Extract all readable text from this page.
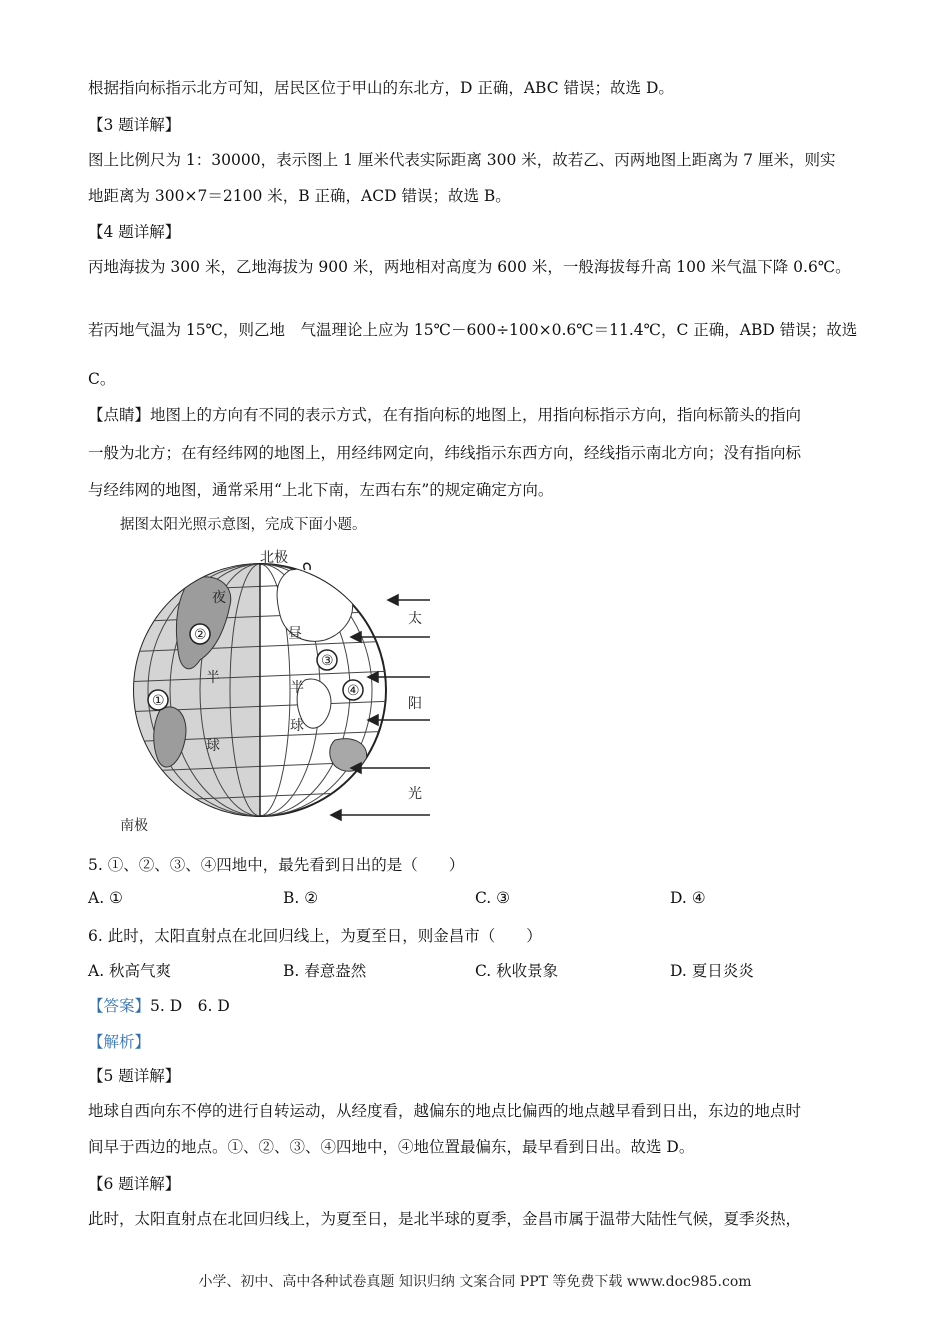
根据指向标指示北方可知，居民区位于甲山的东北方，D 正确，ABC 错误；故选 D。
【3 题详解】
图上比例尺为 1：30000，表示图上 1 厘米代表实际距离 300 米，故若乙、丙两地图上距离为 7 厘米，则实
地距离为 300×7＝2100 米，B 正确，ACD 错误；故选 B。
【4 题详解】
丙地海拔为 300 米，乙地海拔为 900 米，两地相对高度为 600 米，一般海拔每升高 100 米气温下降 0.6℃。
若丙地气温为 15℃，则乙地　气温理论上应为 15℃－600÷100×0.6℃＝11.4℃，C 正确，ABD 错误；故选
C。
【点睛】地图上的方向有不同的表示方式，在有指向标的地图上，用指向标指示方向，指向标箭头的指向
一般为北方；在有经纬网的地图上，用经纬网定向，纬线指示东西方向，经线指示南北方向；没有指向标
与经纬网的地图，通常采用“上北下南，左西右东”的规定确定方向。
据图太阳光照示意图，完成下面小题。
北极
南极
夜
半
球
昼
半
球
②
①
③
④
太
阳
光
5. ①、②、③、④四地中，最先看到日出的是（　　）
A. ①	B. ②	C. ③	D. ④
6. 此时，太阳直射点在北回归线上，为夏至日，则金昌市（　　）
A. 秋高气爽	B. 春意盎然	C. 秋收景象	D. 夏日炎炎
【答案】5. D　6. D
【解析】
【5 题详解】
地球自西向东不停的进行自转运动，从经度看，越偏东的地点比偏西的地点越早看到日出，东边的地点时
间早于西边的地点。①、②、③、④四地中，④地位置最偏东，最早看到日出。故选 D。
【6 题详解】
此时，太阳直射点在北回归线上，为夏至日，是北半球的夏季，金昌市属于温带大陆性气候，夏季炎热，
小学、初中、高中各种试卷真题 知识归纳 文案合同 PPT 等免费下载 www.doc985.com
